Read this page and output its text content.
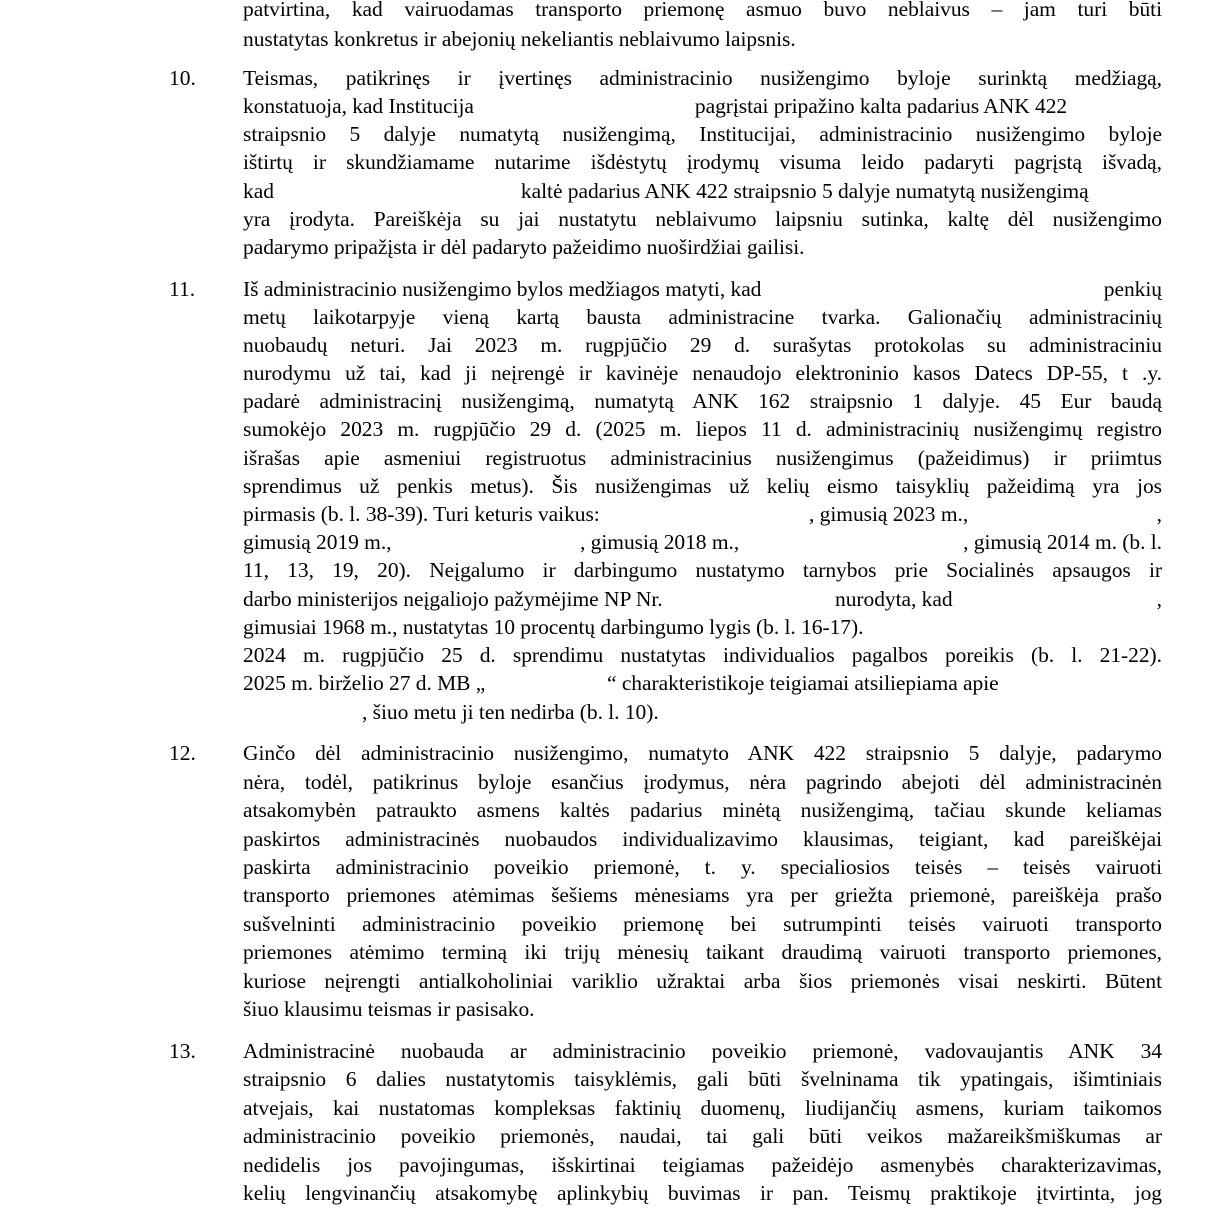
patvirtina, kad vairuodamas transporto priemonę asmuo buvo neblaivus – jam turi būti
nustatytas konkretus ir abejonių nekeliantis neblaivumo laipsnis.
10. Teismas, patikrinęs ir įvertinęs administracinio nusižengimo byloje surinktą medžiagą,
konstatuoja, kad Institucija	pagrįstai pripažino kalta padarius ANK 422
straipsnio 5 dalyje numatytą nusižengimą, Institucijai, administracinio nusižengimo byloje
ištirtų ir skundžiamame nutarime išdėstytų įrodymų visuma leido padaryti pagrįstą išvadą,
kad	kaltė padarius ANK 422 straipsnio 5 dalyje numatytą nusižengimą
yra įrodyta. Pareiškėja su jai nustatytu neblaivumo laipsniu sutinka, kaltę dėl nusižengimo
padarymo pripažįsta ir dėl padaryto pažeidimo nuoširdžiai gailisi.
11. Iš administracinio nusižengimo bylos medžiagos matyti, kad	penkių
metų laikotarpyje vieną kartą bausta administracine tvarka. Galionačių administracinių
nuobaudų neturi. Jai 2023 m. rugpjūčio 29 d. surašytas protokolas su administraciniu
nurodymu už tai, kad ji neįrengė ir kavinėje nenaudojo elektroninio kasos Datecs DP-55, t .y.
padarė administracinį nusižengimą, numatytą ANK 162 straipsnio 1 dalyje. 45 Eur baudą
sumokėjo 2023 m. rugpjūčio 29 d. (2025 m. liepos 11 d. administracinių nusižengimų registro
išrašas apie asmeniui registruotus administracinius nusižengimus (pažeidimus) ir priimtus
sprendimus už penkis metus). Šis nusižengimas už kelių eismo taisyklių pažeidimą yra jos
pirmasis (b. l. 38-39). Turi keturis vaikus:	, gimusią 2023 m.,	,
gimusią 2019 m.,	, gimusią 2018 m.,	, gimusią 2014 m. (b. l.
11, 13, 19, 20). Neįgalumo ir darbingumo nustatymo tarnybos prie Socialinės apsaugos ir
darbo ministerijos neįgaliojo pažymėjime NP Nr.	nurodyta, kad	,
gimusiai 1968 m., nustatytas 10 procentų darbingumo lygis (b. l. 16-17).
2024 m. rugpjūčio 25 d. sprendimu nustatytas individualios pagalbos poreikis (b. l. 21-22).
2025 m. birželio 27 d. MB „	“ charakteristikoje teigiamai atsiliepiama apie
, šiuo metu ji ten nedirba (b. l. 10).
12. Ginčo dėl administracinio nusižengimo, numatyto ANK 422 straipsnio 5 dalyje, padarymo
nėra, todėl, patikrinus byloje esančius įrodymus, nėra pagrindo abejoti dėl administracinėn
atsakomybėn patraukto asmens kaltės padarius minėtą nusižengimą, tačiau skunde keliamas
paskirtos administracinės nuobaudos individualizavimo klausimas, teigiant, kad pareiškėjai
paskirta administracinio poveikio priemonė, t. y. specialiosios teisės – teisės vairuoti
transporto priemones atėmimas šešiems mėnesiams yra per griežta priemonė, pareiškėja prašo
sušvelninti administracinio poveikio priemonę bei sutrumpinti teisės vairuoti transporto
priemones atėmimo terminą iki trijų mėnesių taikant draudimą vairuoti transporto priemones,
kuriose neįrengti antialkoholiniai variklio užraktai arba šios priemonės visai neskirti. Būtent
šiuo klausimu teismas ir pasisako.
13. Administracinė nuobauda ar administracinio poveikio priemonė, vadovaujantis ANK 34
straipsnio 6 dalies nustatytomis taisyklėmis, gali būti švelninama tik ypatingais, išimtiniais
atvejais, kai nustatomas kompleksas faktinių duomenų, liudijančių asmens, kuriam taikomos
administracinio poveikio priemonės, naudai, tai gali būti veikos mažareikšmiškumas ar
nedidelis jos pavojingumas, išskirtinai teigiamas pažeidėjo asmenybės charakterizavimas,
kelių lengvinančių atsakomybę aplinkybių buvimas ir pan. Teismų praktikoje įtvirtinta, jog
